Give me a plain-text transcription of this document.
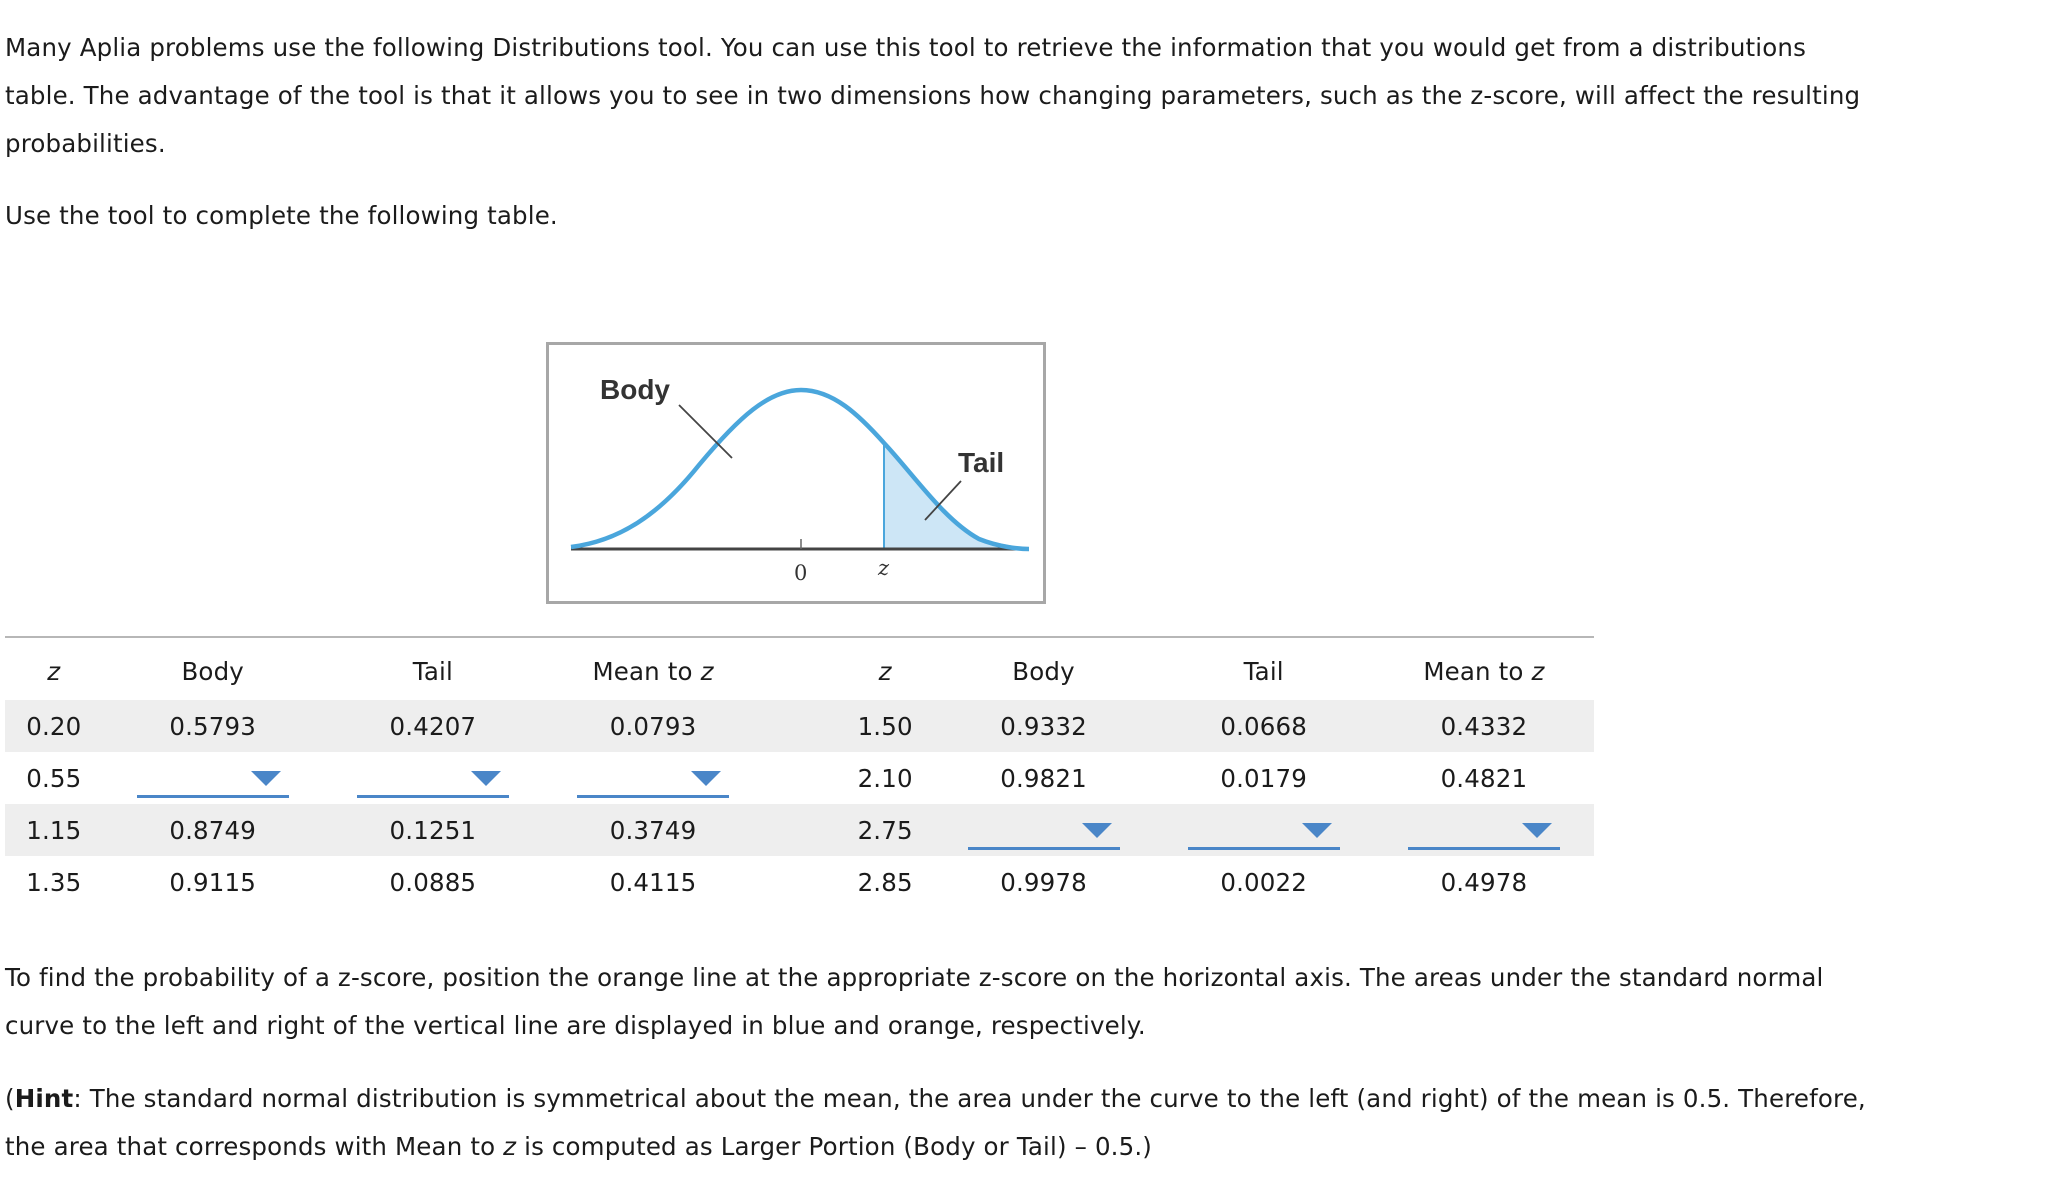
Many Aplia problems use the following Distributions tool. You can use this tool to retrieve the information that you would get from a distributions table. The advantage of the tool is that it allows you to see in two dimensions how changing parameters, such as the z-score, will affect the resulting probabilities.

Use the tool to complete the following table.

Body
Tail
0	z
z	Body	Tail	Mean to z		z	Body	Tail	Mean to z
0.20	0.5793	0.4207	0.0793		1.50	0.9332	0.0668	0.4332
0.55					2.10	0.9821	0.0179	0.4821
1.15	0.8749	0.1251	0.3749		2.75	

1.35	0.9115	0.0885	0.4115		2.85	0.9978	0.0022	0.4978

To find the probability of a z-score, position the orange line at the appropriate z-score on the horizontal axis. The areas under the standard normal curve to the left and right of the vertical line are displayed in blue and orange, respectively.

(Hint: The standard normal distribution is symmetrical about the mean, the area under the curve to the left (and right) of the mean is 0.5. Therefore, the area that corresponds with Mean to z is computed as Larger Portion (Body or Tail) – 0.5.)
